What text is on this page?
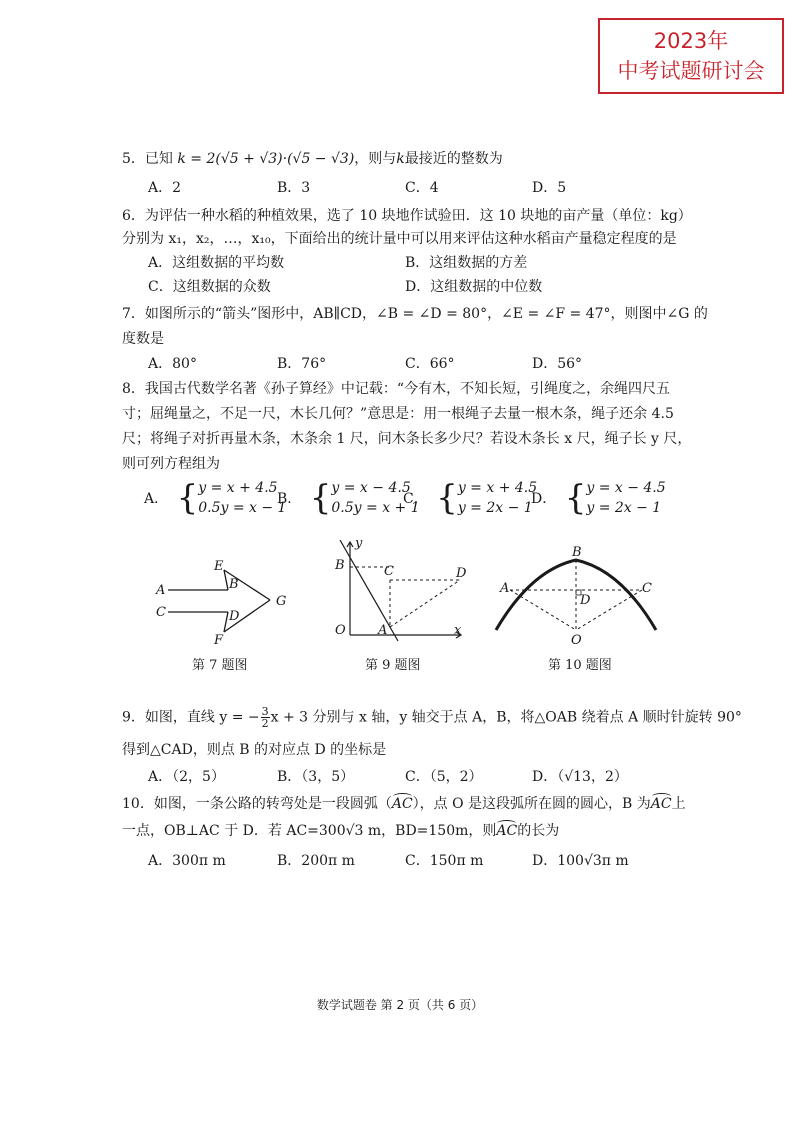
2023年
中考试题研讨会
5．已知 k = 2(√5 + √3)·(√5 − √3)，则与k最接近的整数为
A．2	B．3	C．4	D．5
6．为评估一种水稻的种植效果，选了 10 块地作试验田．这 10 块地的亩产量（单位：kg）
分别为 x₁，x₂，…，x₁₀，下面给出的统计量中可以用来评估这种水稻亩产量稳定程度的是
A．这组数据的平均数	B．这组数据的方差
C．这组数据的众数	D．这组数据的中位数
7．如图所示的“箭头”图形中，AB∥CD，∠B = ∠D = 80°，∠E = ∠F = 47°，则图中∠G 的
度数是
A．80°	B．76°	C．66°	D．56°
8．我国古代数学名著《孙子算经》中记载：“今有木，不知长短，引绳度之，余绳四尺五
寸；屈绳量之，不足一尺，木长几何？”意思是：用一根绳子去量一根木条，绳子还余 4.5
尺；将绳子对折再量木条，木条余 1 尺，问木条长多少尺？若设木条长 x 尺，绳子长 y 尺，
则可列方程组为
A． { y = x + 4.5
0.5y = x − 1
B． { y = x − 4.5
0.5y = x + 1
C． { y = x + 4.5
y = 2x − 1
D． { y = x − 4.5
y = 2x − 1
A	B
C	D
E
F
G
第 7 题图
y
x
O A
B	C	D
第 9 题图
A
B
C
D
O
第 10 题图
9．如图，直线 y = − $\frac{3}{2}$ x + 3 分别与 x 轴，y 轴交于点 A，B，将△OAB 绕着点 A 顺时针旋转 90°
得到△CAD，则点 B 的对应点 D 的坐标是
A．（2，5）	B．（3，5）	C．（5，2）	D．（√13，2）
10．如图，一条公路的转弯处是一段圆弧（AC），点 O 是这段弧所在圆的圆心，B 为AC上
一点，OB⊥AC 于 D．若 AC=300√3 m，BD=150m，则AC的长为
A．300π m	B．200π m	C．150π m	D．100√3π m
数学试题卷 第 2 页（共 6 页）
